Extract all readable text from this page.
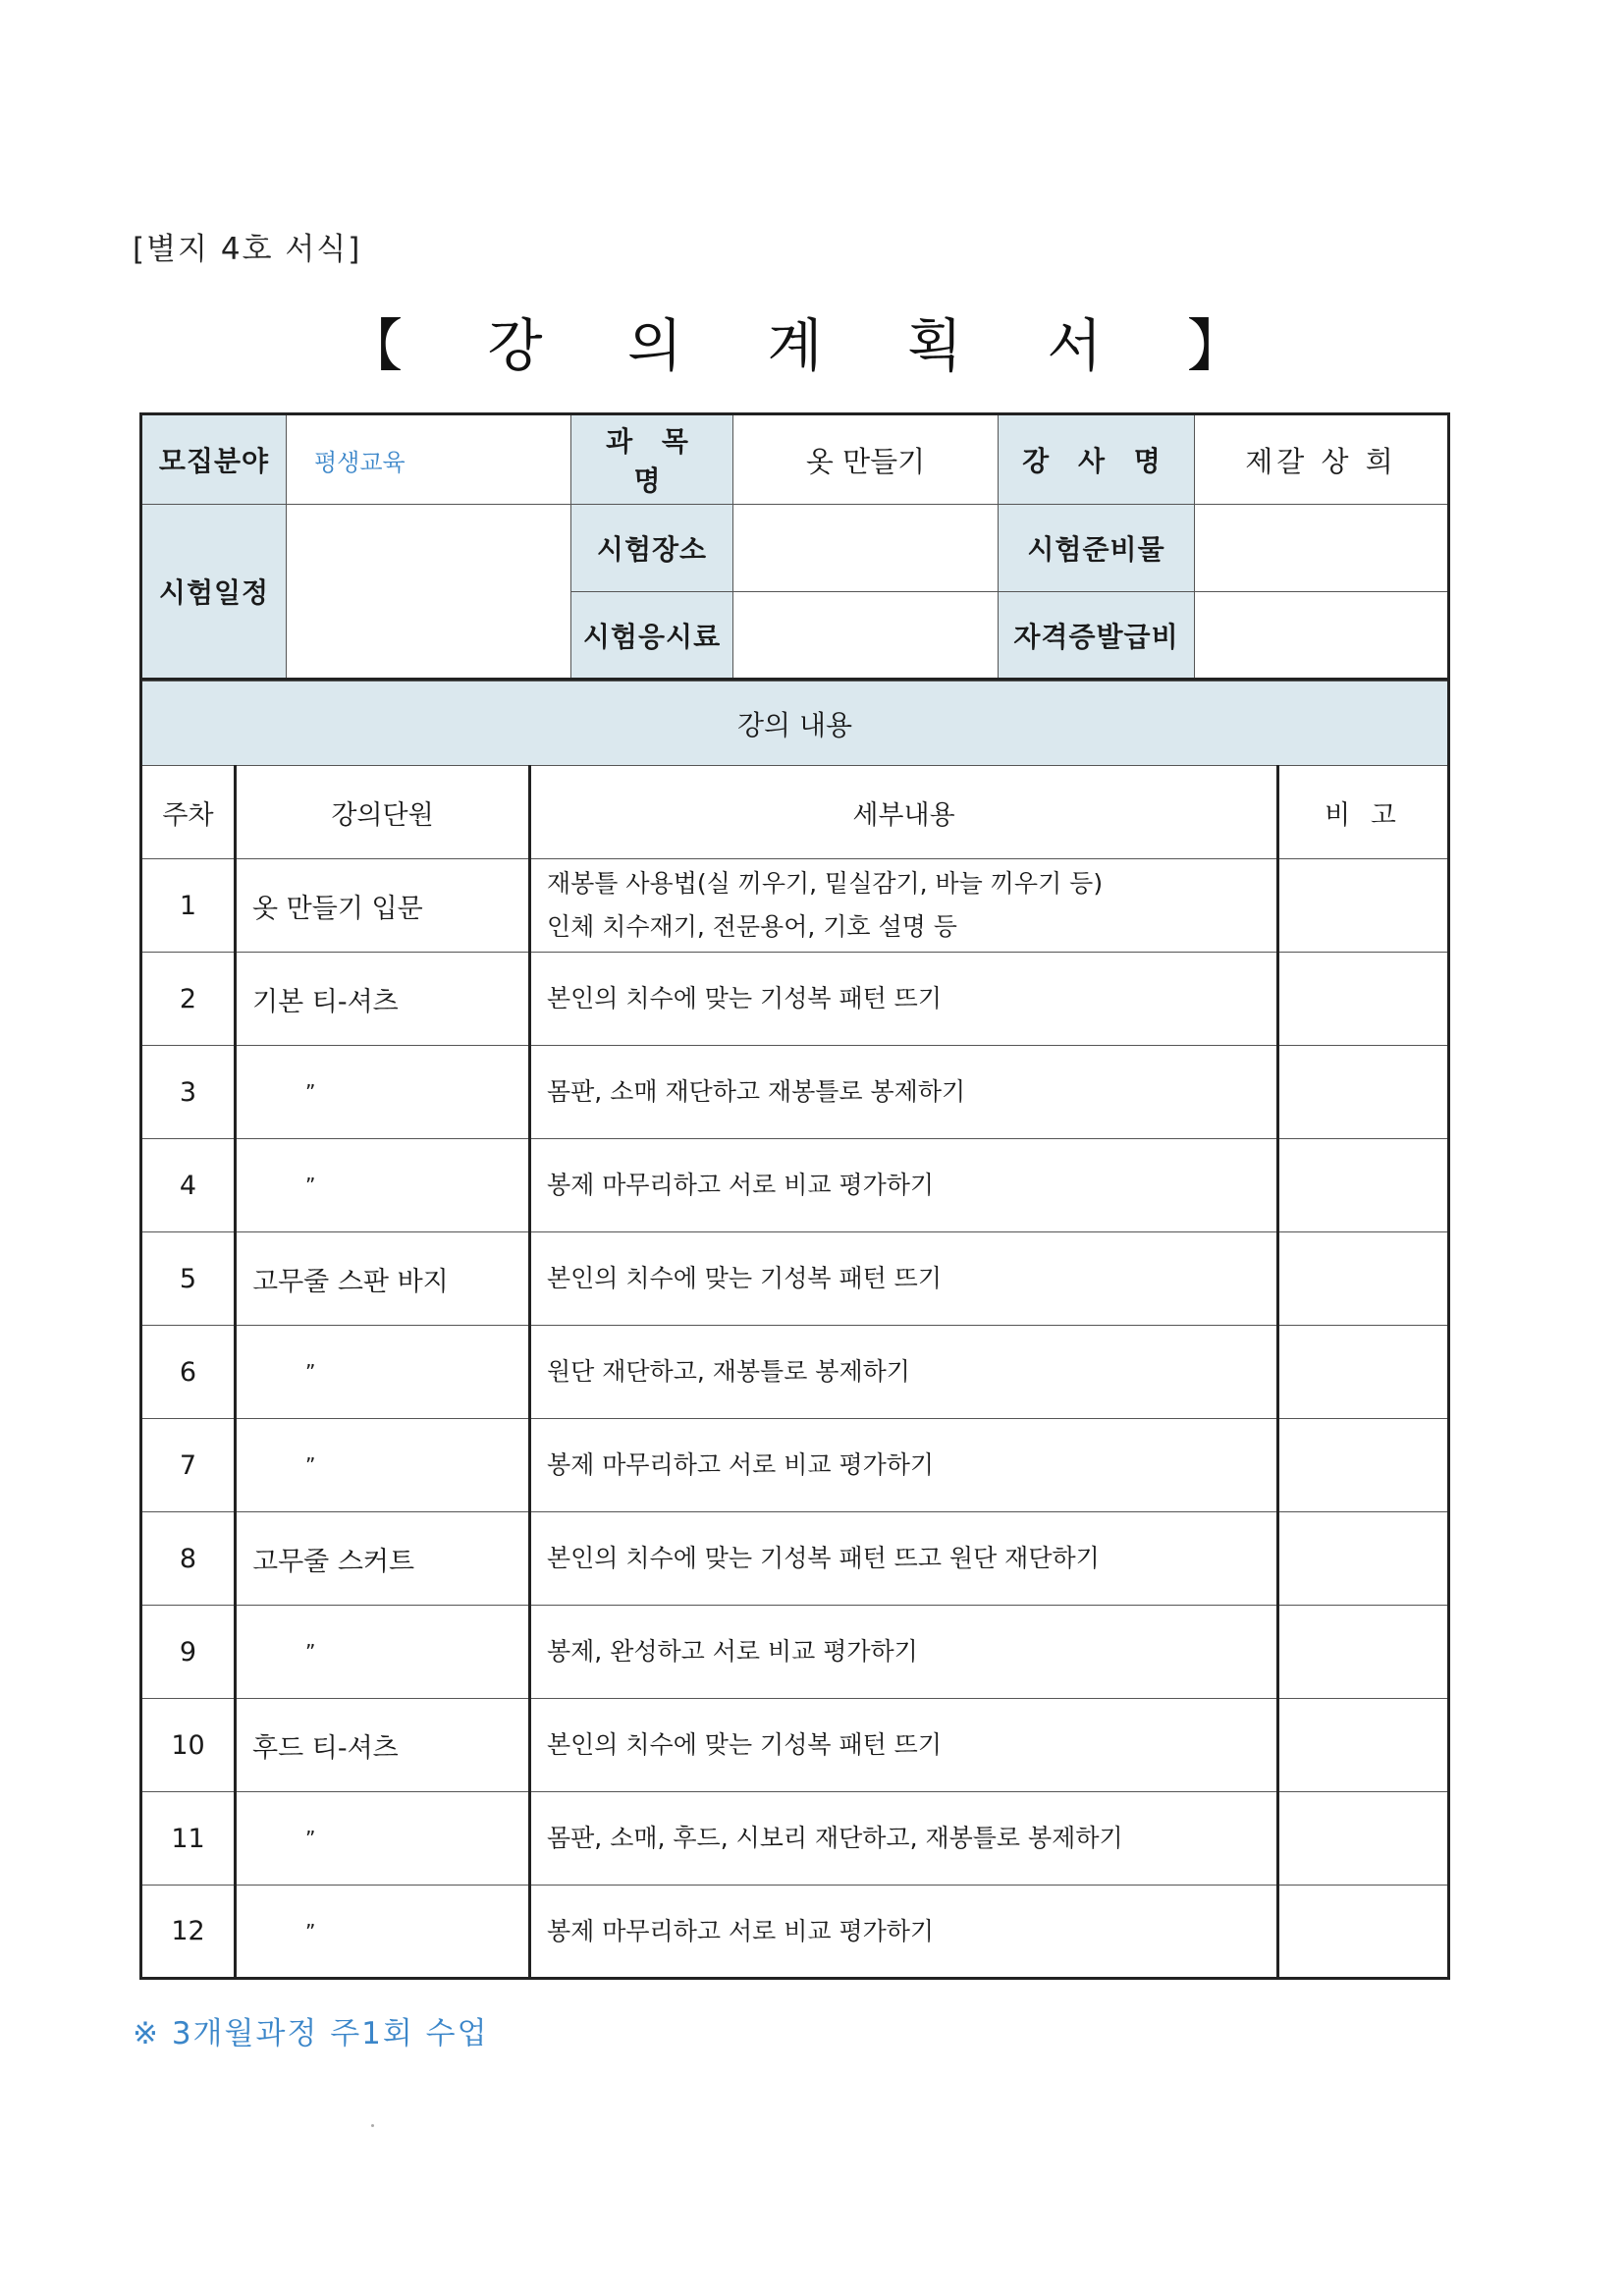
[별지 4호 서식]
【 강 의 계 획 서 】
모집분야	평생교육	과 목 명	옷 만들기	강 사 명	제갈 상 희
시험일정		시험장소		시험준비물	
		시험응시료		자격증발급비	
강의 내용			
주차	강의단원	세부내용	비 고
1	옷 만들기 입문	재봉틀 사용법(실 끼우기, 밑실감기, 바늘 끼우기 등)
인체 치수재기, 전문용어, 기호 설명 등	

2	기본 티-셔츠	본인의 치수에 맞는 기성복 패턴 뜨기	

3	”	몸판, 소매 재단하고 재봉틀로 봉제하기	

4	”	봉제 마무리하고 서로 비교 평가하기	

5	고무줄 스판 바지	본인의 치수에 맞는 기성복 패턴 뜨기	

6	”	원단 재단하고, 재봉틀로 봉제하기	

7	”	봉제 마무리하고 서로 비교 평가하기	

8	고무줄 스커트	본인의 치수에 맞는 기성복 패턴 뜨고 원단 재단하기	

9	”	봉제, 완성하고 서로 비교 평가하기	

10	후드 티-셔츠	본인의 치수에 맞는 기성복 패턴 뜨기	

11	”	몸판, 소매, 후드, 시보리 재단하고, 재봉틀로 봉제하기	

12	”	봉제 마무리하고 서로 비교 평가하기	

※ 3개월과정 주1회 수업
